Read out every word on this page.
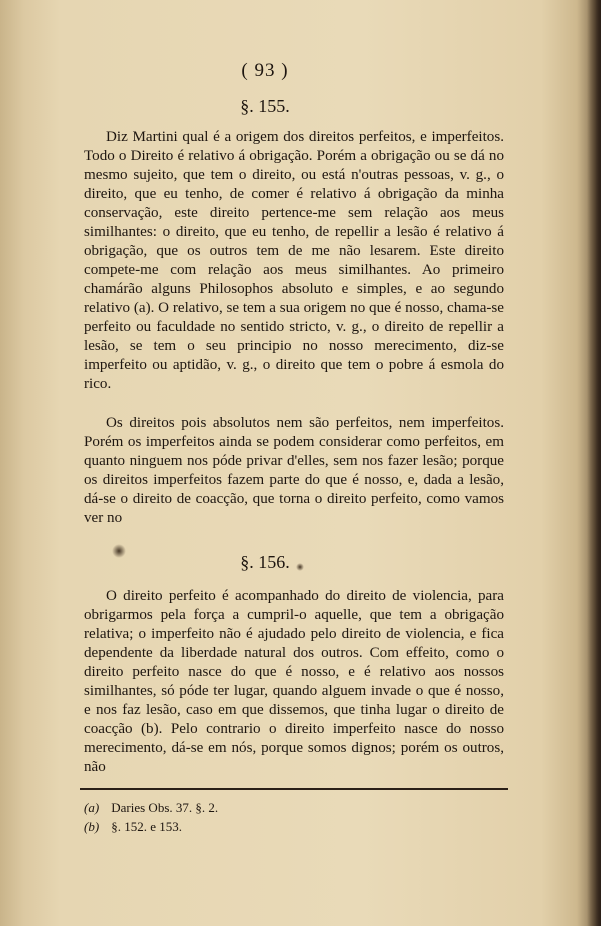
( 93 )
§. 155.

Diz Martini qual é a origem dos direitos perfeitos, e imperfeitos. Todo o Direito é relativo á obrigação. Porém a obrigação ou se dá no mesmo sujeito, que tem o direito, ou está n'outras pessoas, v. g., o direito, que eu tenho, de comer é relativo á obrigação da minha conservação, este direito pertence-me sem relação aos meus similhantes: o direito, que eu tenho, de repellir a lesão é relativo á obrigação, que os outros tem de me não lesarem. Este direito compete-me com relação aos meus similhantes. Ao primeiro chamárão alguns Philosophos absoluto e simples, e ao segundo relativo (a). O relativo, se tem a sua origem no que é nosso, chama-se perfeito ou faculdade no sentido stricto, v. g., o direito de repellir a lesão, se tem o seu principio no nosso merecimento, diz-se imperfeito ou aptidão, v. g., o direito que tem o pobre á esmola do rico.

Os direitos pois absolutos nem são perfeitos, nem imperfeitos. Porém os imperfeitos ainda se podem considerar como perfeitos, em quanto ninguem nos póde privar d'elles, sem nos fazer lesão; porque os direitos imperfeitos fazem parte do que é nosso, e, dada a lesão, dá-se o direito de coacção, que torna o direito perfeito, como vamos ver no

§. 156.

O direito perfeito é acompanhado do direito de violencia, para obrigarmos pela força a cumpril-o aquelle, que tem a obrigação relativa; o imperfeito não é ajudado pelo direito de violencia, e fica dependente da liberdade natural dos outros. Com effeito, como o direito perfeito nasce do que é nosso, e é relativo aos nossos similhantes, só póde ter lugar, quando alguem invade o que é nosso, e nos faz lesão, caso em que dissemos, que tinha lugar o direito de coacção (b). Pelo contrario o direito imperfeito nasce do nosso merecimento, dá-se em nós, porque somos dignos; porém os outros, não

(a) Daries Obs. 37. §. 2.
(b) §. 152. e 153.
